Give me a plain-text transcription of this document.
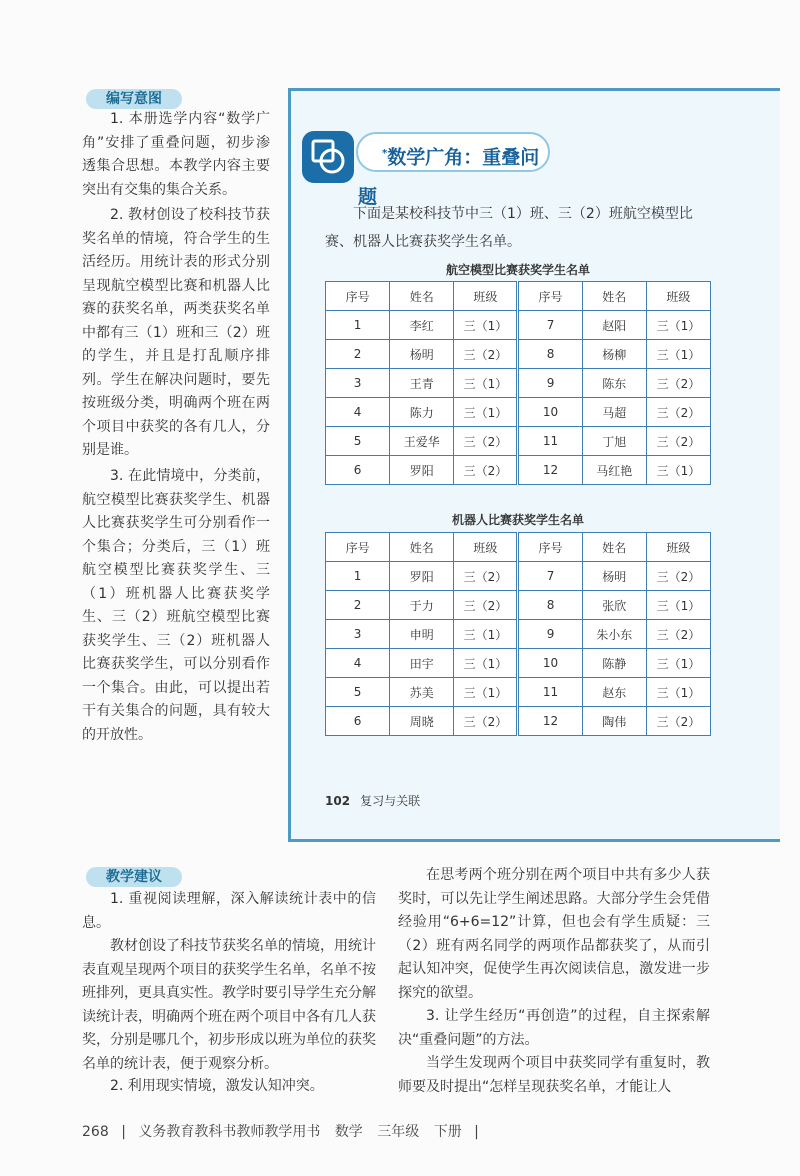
编写意图

1. 本册选学内容“数学广角”安排了重叠问题，初步渗透集合思想。本教学内容主要突出有交集的集合关系。

2. 教材创设了校科技节获奖名单的情境，符合学生的生活经历。用统计表的形式分别呈现航空模型比赛和机器人比赛的获奖名单，两类获奖名单中都有三（1）班和三（2）班的学生，并且是打乱顺序排列。学生在解决问题时，要先按班级分类，明确两个班在两个项目中获奖的各有几人，分别是谁。

3. 在此情境中，分类前，航空模型比赛获奖学生、机器人比赛获奖学生可分别看作一个集合；分类后，三（1）班航空模型比赛获奖学生、三（1）班机器人比赛获奖学生、三（2）班航空模型比赛获奖学生、三（2）班机器人比赛获奖学生，可以分别看作一个集合。由此，可以提出若干有关集合的问题，具有较大的开放性。

*数学广角：重叠问题

下面是某校科技节中三（1）班、三（2）班航空模型比赛、机器人比赛获奖学生名单。

航空模型比赛获奖学生名单
序号	姓名	班级	序号	姓名	班级
1	李红	三（1）	7	赵阳	三（1）
2	杨明	三（2）	8	杨柳	三（1）
3	王青	三（1）	9	陈东	三（2）
4	陈力	三（1）	10	马超	三（2）
5	王爱华	三（2）	11	丁旭	三（2）
6	罗阳	三（2）	12	马红艳	三（1）
机器人比赛获奖学生名单
序号	姓名	班级	序号	姓名	班级
1	罗阳	三（2）	7	杨明	三（2）
2	于力	三（2）	8	张欣	三（1）
3	申明	三（1）	9	朱小东	三（2）
4	田宇	三（1）	10	陈静	三（1）
5	苏美	三（1）	11	赵东	三（1）
6	周晓	三（2）	12	陶伟	三（2）
102 复习与关联
教学建议

1. 重视阅读理解，深入解读统计表中的信息。

教材创设了科技节获奖名单的情境，用统计表直观呈现两个项目的获奖学生名单，名单不按班排列，更具真实性。教学时要引导学生充分解读统计表，明确两个班在两个项目中各有几人获奖，分别是哪几个，初步形成以班为单位的获奖名单的统计表，便于观察分析。

2. 利用现实情境，激发认知冲突。

在思考两个班分别在两个项目中共有多少人获奖时，可以先让学生阐述思路。大部分学生会凭借经验用“6+6=12”计算，但也会有学生质疑：三（2）班有两名同学的两项作品都获奖了，从而引起认知冲突，促使学生再次阅读信息，激发进一步探究的欲望。

3. 让学生经历“再创造”的过程，自主探索解决“重叠问题”的方法。

当学生发现两个项目中获奖同学有重复时，教师要及时提出“怎样呈现获奖名单，才能让人

268 | 义务教育教科书教师教学用书 数学 三年级 下册 |
